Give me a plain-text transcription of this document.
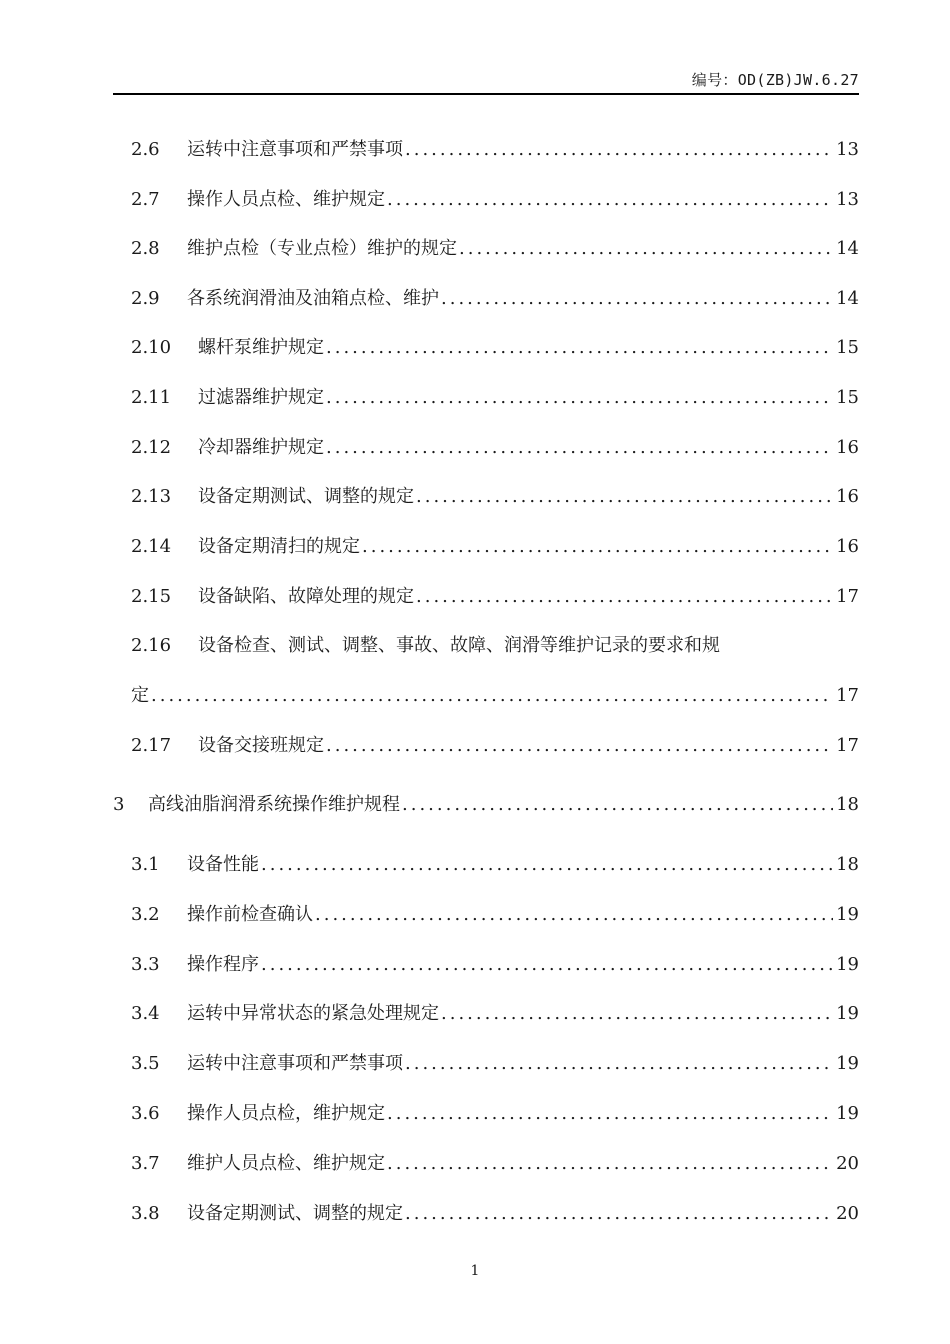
编号：OD(ZB)JW.6.27
2.6	运转中注意事项和严禁事项 .....	13
2.7	操作人员点检、维护规定 .....	13
2.8	维护点检（专业点检）维护的规定 .....	14
2.9	各系统润滑油及油箱点检、维护 .....	14
2.10	螺杆泵维护规定 .....	15
2.11	过滤器维护规定 .....	15
2.12	冷却器维护规定 .....	16
2.13	设备定期测试、调整的规定 .....	16
2.14	设备定期清扫的规定 .....	16
2.15	设备缺陷、故障处理的规定 .....	17
2.16 设备检查、测试、调整、事故、故障、润滑等维护记录的要求和规
定 .....	17
2.17	设备交接班规定 .....	17
3	高线油脂润滑系统操作维护规程 .....	18
3.1	设备性能 .....	18
3.2	操作前检查确认 .....	19
3.3	操作程序 .....	19
3.4	运转中异常状态的紧急处理规定 .....	19
3.5	运转中注意事项和严禁事项 .....	19
3.6	操作人员点检，维护规定 .....	19
3.7	维护人员点检、维护规定 .....	20
3.8	设备定期测试、调整的规定 .....	20
1
